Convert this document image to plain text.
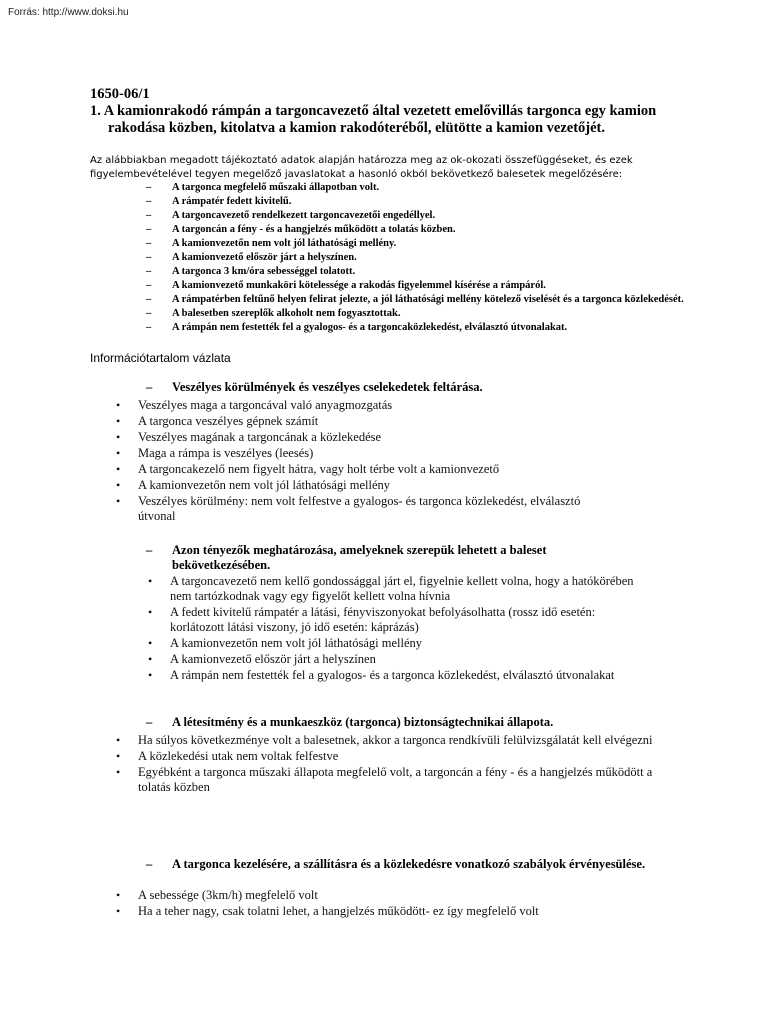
Forrás: http://www.doksi.hu
1650-06/1
1. A kamionrakodó rámpán a targoncavezető által vezetett emelővillás targonca egy kamion rakodása közben, kitolatva a kamion rakodóteréből, elütötte a kamion vezetőjét.
Az alábbiakban megadott tájékoztató adatok alapján határozza meg az ok-okozati összefüggéseket, és ezek figyelembevételével tegyen megelőző javaslatokat a hasonló okból bekövetkező balesetek megelőzésére:
– A targonca megfelelő műszaki állapotban volt.
– A rámpatér fedett kivitelű.
– A targoncavezető rendelkezett targoncavezetői engedéllyel.
– A targoncán a fény - és a hangjelzés működött a tolatás közben.
– A kamionvezetőn nem volt jól láthatósági mellény.
– A kamionvezető először járt a helyszínen.
– A targonca 3 km/óra sebességgel tolatott.
– A kamionvezető munkaköri kötelessége a rakodás figyelemmel kísérése a rámpáról.
– A rámpatérben feltűnő helyen felirat jelezte, a jól láthatósági mellény kötelező viselését és a targonca közlekedését.
– A balesetben szereplők alkoholt nem fogyasztottak.
– A rámpán nem festették fel a gyalogos- és a targoncaközlekedést, elválasztó útvonalakat.
Információtartalom vázlata
–	Veszélyes körülmények és veszélyes cselekedetek feltárása.
• Veszélyes maga a targoncával való anyagmozgatás
• A targonca veszélyes gépnek számít
• Veszélyes magának a targoncának a közlekedése
• Maga a rámpa is veszélyes (leesés)
• A targoncakezelő nem figyelt hátra, vagy holt térbe volt a kamionvezető
• A kamionvezetőn nem volt jól láthatósági mellény
• Veszélyes körülmény: nem volt felfestve a gyalogos- és targonca közlekedést, elválasztó útvonal
–	Azon tényezők meghatározása, amelyeknek szerepük lehetett a baleset bekövetkezésében.
• A targoncavezető nem kellő gondossággal járt el, figyelnie kellett volna, hogy a hatókörében nem tartózkodnak vagy egy figyelőt kellett volna hívnia
• A fedett kivitelű rámpatér a látási, fényviszonyokat befolyásolhatta (rossz idő esetén: korlátozott látási viszony, jó idő esetén: káprázás)
• A kamionvezetőn nem volt jól láthatósági mellény
• A kamionvezető először járt a helyszínen
• A rámpán nem festették fel a gyalogos- és a targonca közlekedést, elválasztó útvonalakat
–	A létesítmény és a munkaeszköz (targonca) biztonságtechnikai állapota.
• Ha súlyos következménye volt a balesetnek, akkor a targonca rendkívüli felülvizsgálatát kell elvégezni
• A közlekedési utak nem voltak felfestve
• Egyébként a targonca műszaki állapota megfelelő volt, a targoncán a fény - és a hangjelzés működött a tolatás közben
–	A targonca kezelésére, a szállításra és a közlekedésre vonatkozó szabályok érvényesülése.
• A sebessége (3km/h) megfelelő volt
• Ha a teher nagy, csak tolatni lehet, a hangjelzés működött- ez így megfelelő volt
